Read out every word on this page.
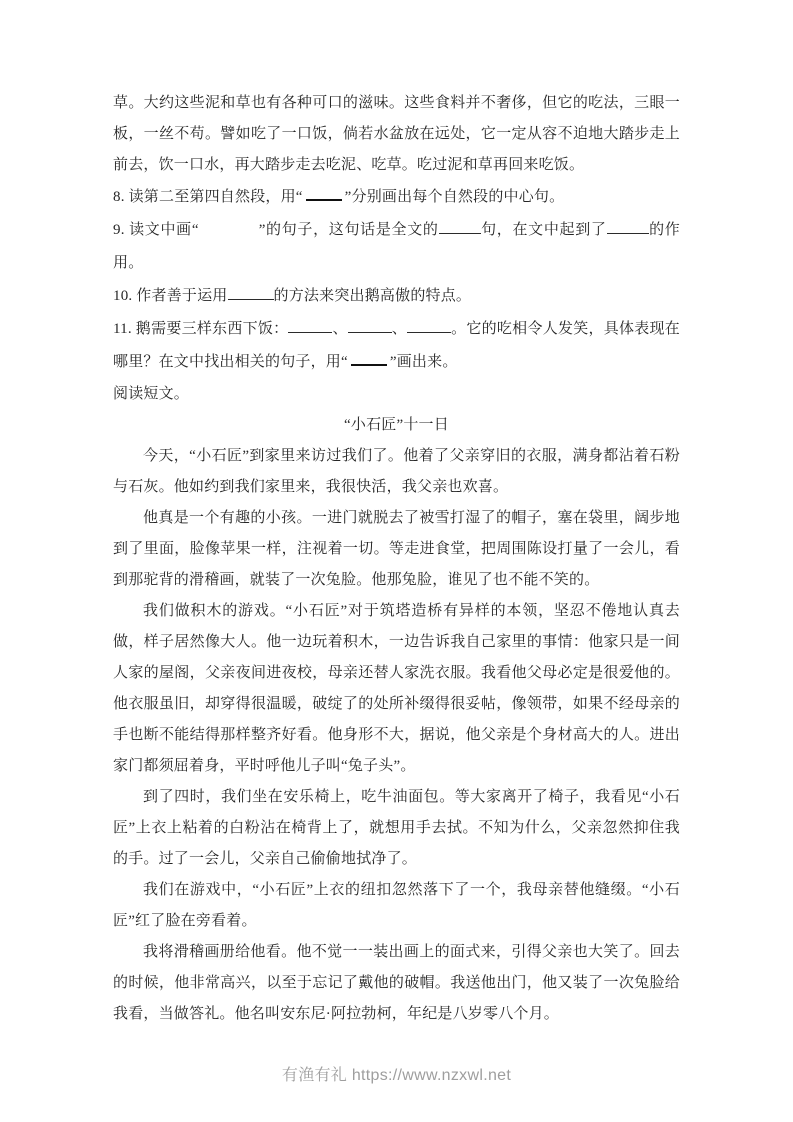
草。大约这些泥和草也有各种可口的滋味。这些食料并不奢侈，但它的吃法，三眼一板，一丝不苟。譬如吃了一口饭，倘若水盆放在远处，它一定从容不迫地大踏步走上前去，饮一口水，再大踏步走去吃泥、吃草。吃过泥和草再回来吃饭。

8. 读第二至第四自然段，用“	”分别画出每个自然段的中心句。

9. 读文中画“	”的句子，这句话是全文的	句，在文中起到了	的作用。

10. 作者善于运用	的方法来突出鹅高傲的特点。

11. 鹅需要三样东西下饭：	、	、	。它的吃相令人发笑，具体表现在哪里？在文中找出相关的句子，用“	”画出来。

阅读短文。

“小石匠”十一日

今天，“小石匠”到家里来访过我们了。他着了父亲穿旧的衣服，满身都沾着石粉与石灰。他如约到我们家里来，我很快活，我父亲也欢喜。

他真是一个有趣的小孩。一进门就脱去了被雪打湿了的帽子，塞在袋里，阔步地到了里面，脸像苹果一样，注视着一切。等走进食堂，把周围陈设打量了一会儿，看到那驼背的滑稽画，就装了一次兔脸。他那兔脸，谁见了也不能不笑的。

我们做积木的游戏。“小石匠”对于筑塔造桥有异样的本领，坚忍不倦地认真去做，样子居然像大人。他一边玩着积木，一边告诉我自己家里的事情：他家只是一间人家的屋阁，父亲夜间进夜校，母亲还替人家洗衣服。我看他父母必定是很爱他的。他衣服虽旧，却穿得很温暖，破绽了的处所补缀得很妥帖，像领带，如果不经母亲的手也断不能结得那样整齐好看。他身形不大，据说，他父亲是个身材高大的人。进出家门都须屈着身，平时呼他儿子叫“兔子头”。

到了四时，我们坐在安乐椅上，吃牛油面包。等大家离开了椅子，我看见“小石匠”上衣上粘着的白粉沾在椅背上了，就想用手去拭。不知为什么，父亲忽然抑住我的手。过了一会儿，父亲自己偷偷地拭净了。

我们在游戏中，“小石匠”上衣的纽扣忽然落下了一个，我母亲替他缝缀。“小石匠”红了脸在旁看着。

我将滑稽画册给他看。他不觉一一装出画上的面式来，引得父亲也大笑了。回去的时候，他非常高兴，以至于忘记了戴他的破帽。我送他出门，他又装了一次兔脸给我看，当做答礼。他名叫安东尼·阿拉勃柯，年纪是八岁零八个月。

有渔有礼 https://www.nzxwl.net
